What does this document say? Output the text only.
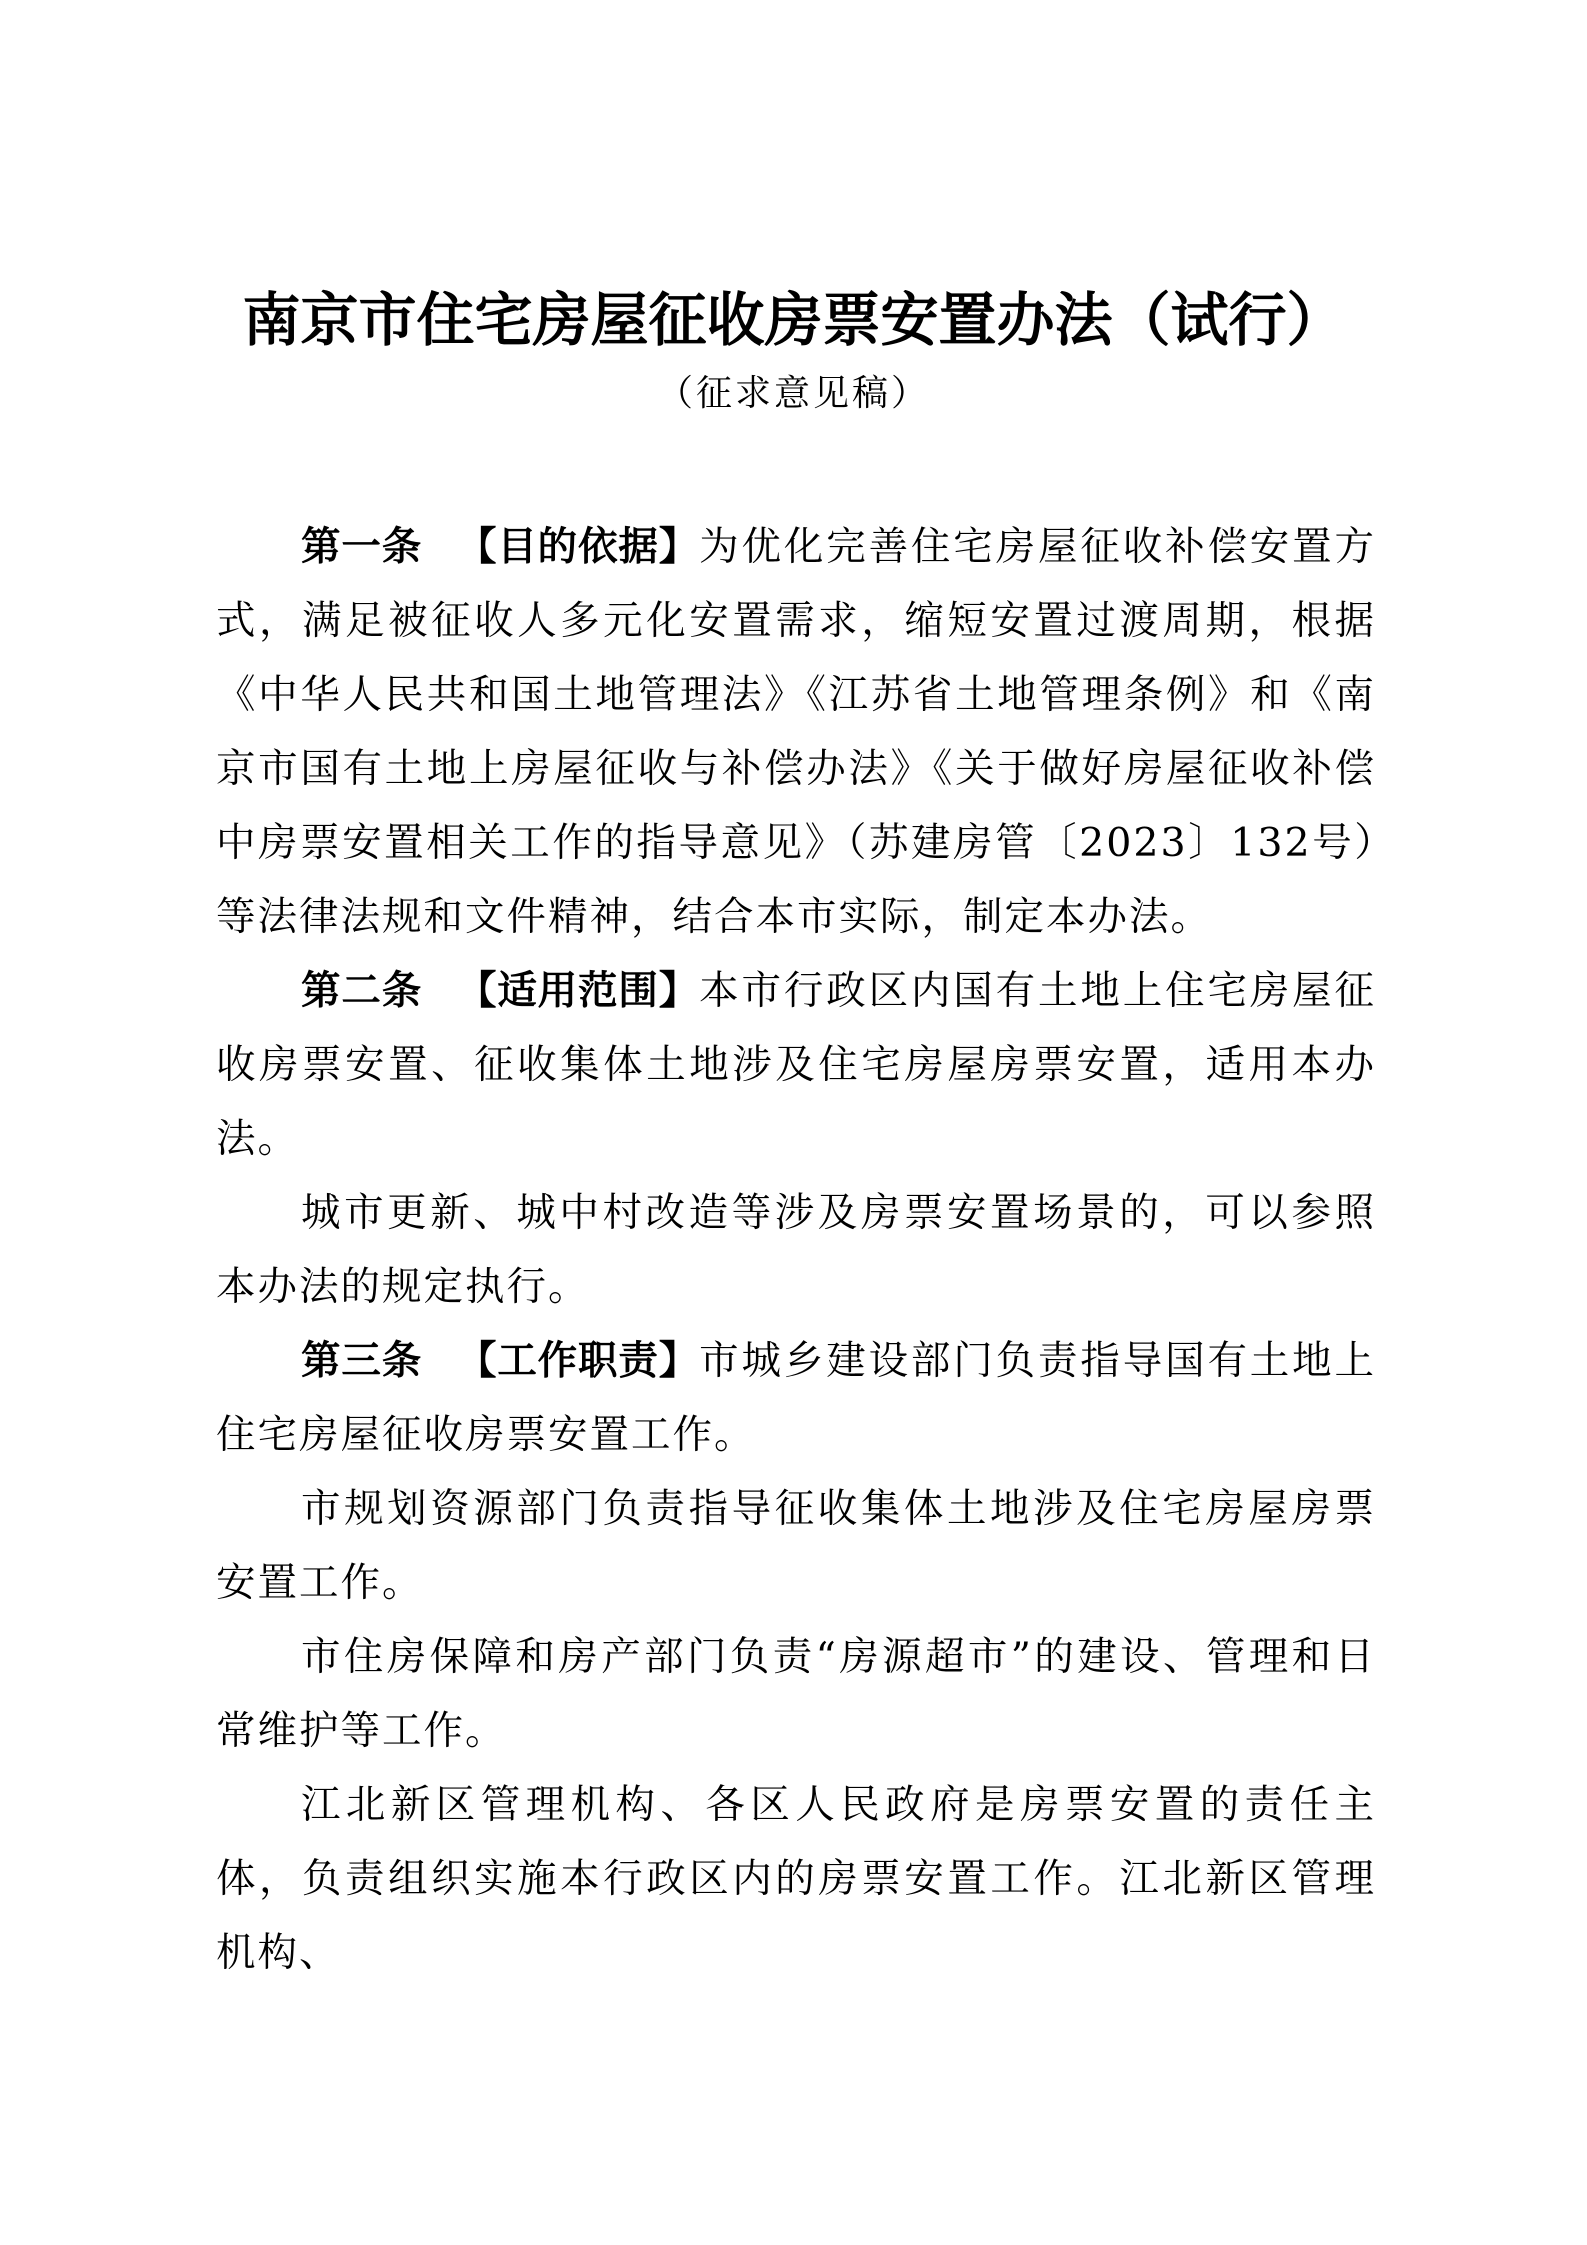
南京市住宅房屋征收房票安置办法（试行）
（征求意见稿）

第一条 【目的依据】为优化完善住宅房屋征收补偿安置方式，满足被征收人多元化安置需求，缩短安置过渡周期，根据《中华人民共和国土地管理法》《江苏省土地管理条例》和《南京市国有土地上房屋征收与补偿办法》《关于做好房屋征收补偿中房票安置相关工作的指导意见》（苏建房管〔2023〕132号）等法律法规和文件精神，结合本市实际，制定本办法。

第二条 【适用范围】本市行政区内国有土地上住宅房屋征收房票安置、征收集体土地涉及住宅房屋房票安置，适用本办法。

城市更新、城中村改造等涉及房票安置场景的，可以参照本办法的规定执行。

第三条 【工作职责】市城乡建设部门负责指导国有土地上住宅房屋征收房票安置工作。

市规划资源部门负责指导征收集体土地涉及住宅房屋房票安置工作。

市住房保障和房产部门负责“房源超市”的建设、管理和日常维护等工作。

江北新区管理机构、各区人民政府是房票安置的责任主体，负责组织实施本行政区内的房票安置工作。江北新区管理机构、
